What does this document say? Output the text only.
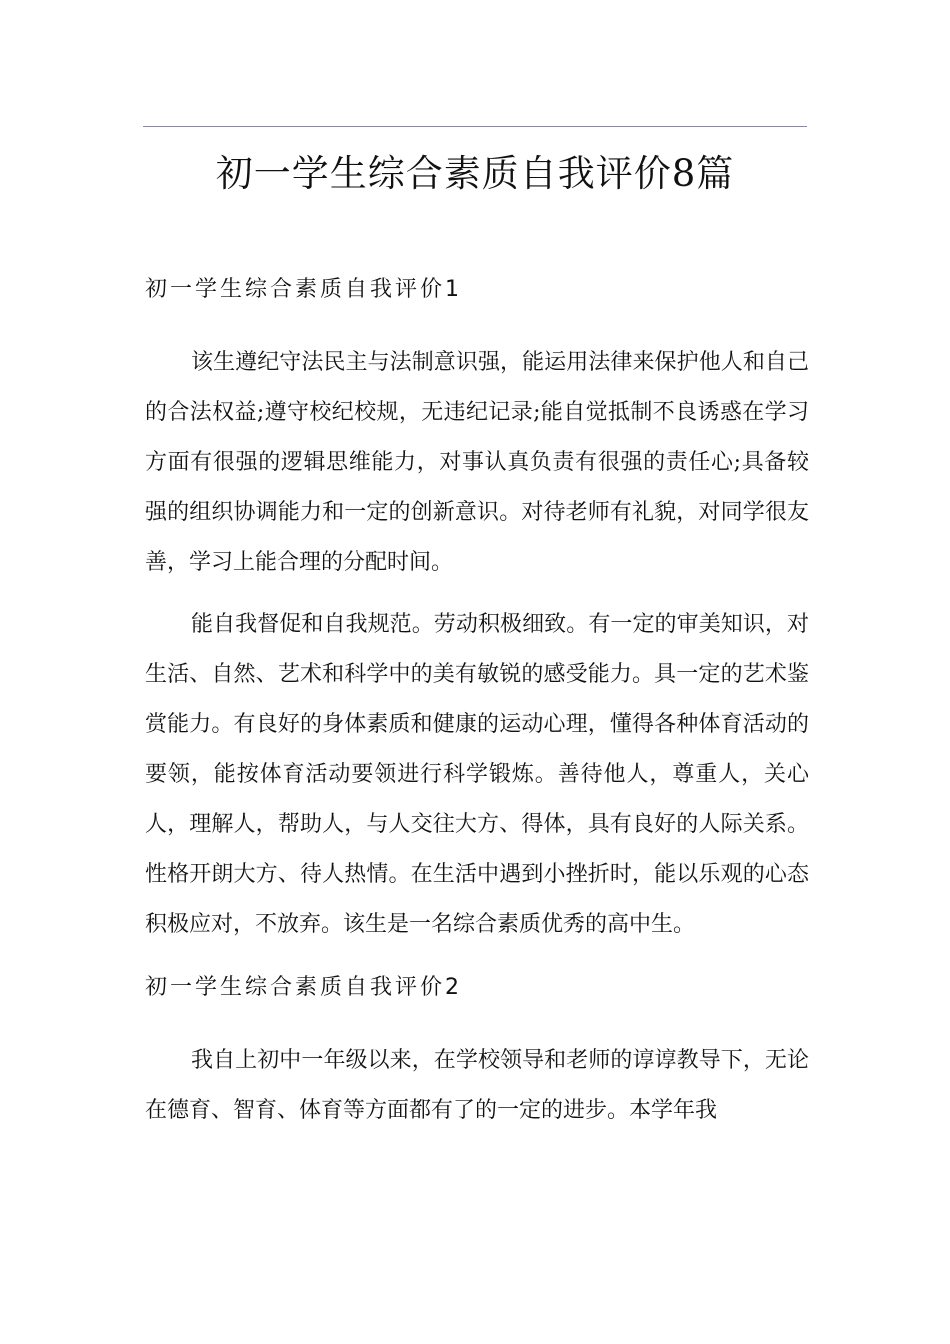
初一学生综合素质自我评价8篇
初一学生综合素质自我评价1

该生遵纪守法民主与法制意识强，能运用法律来保护他人和自己的合法权益;遵守校纪校规，无违纪记录;能自觉抵制不良诱惑在学习方面有很强的逻辑思维能力，对事认真负责有很强的责任心;具备较强的组织协调能力和一定的创新意识。对待老师有礼貌，对同学很友善，学习上能合理的分配时间。

能自我督促和自我规范。劳动积极细致。有一定的审美知识，对生活、自然、艺术和科学中的美有敏锐的感受能力。具一定的艺术鉴赏能力。有良好的身体素质和健康的运动心理，懂得各种体育活动的要领，能按体育活动要领进行科学锻炼。善待他人，尊重人，关心人，理解人，帮助人，与人交往大方、得体，具有良好的人际关系。性格开朗大方、待人热情。在生活中遇到小挫折时，能以乐观的心态积极应对，不放弃。该生是一名综合素质优秀的高中生。

初一学生综合素质自我评价2

我自上初中一年级以来，在学校领导和老师的谆谆教导下，无论在德育、智育、体育等方面都有了的一定的进步。本学年我
